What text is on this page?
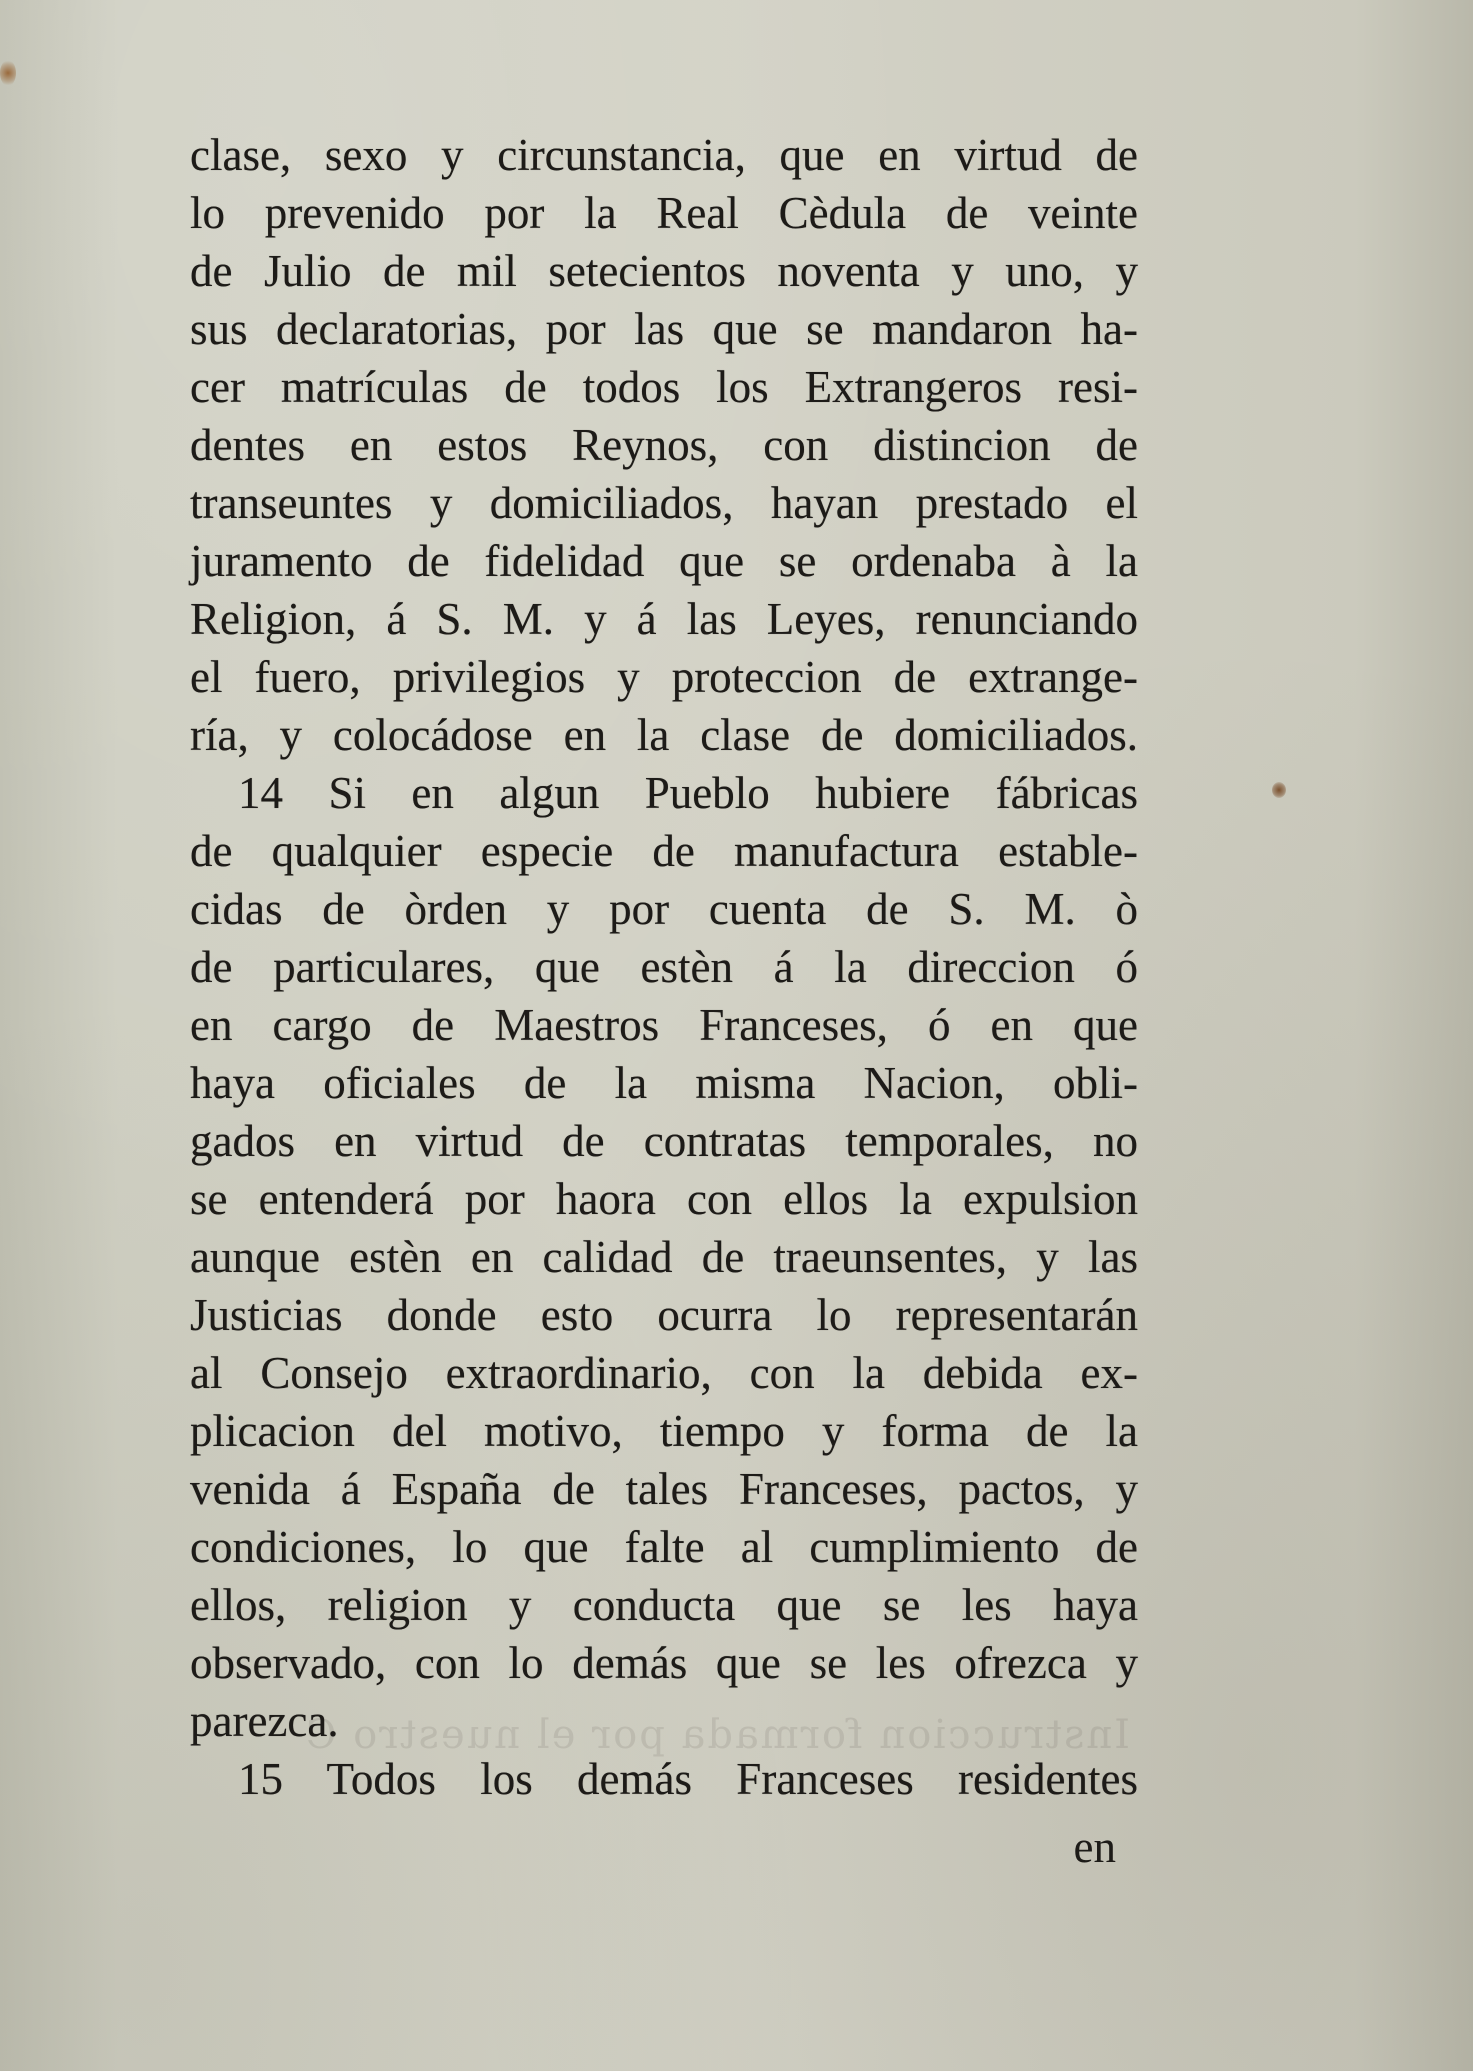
Instruccion formada por el nuestro C
clase, sexo y circunstancia, que en virtud de
lo prevenido por la Real Cèdula de veinte
de Julio de mil setecientos noventa y uno, y
sus declaratorias, por las que se mandaron ha-
cer matrículas de todos los Extrangeros resi-
dentes en estos Reynos, con distincion de
transeuntes y domiciliados, hayan prestado el
juramento de fidelidad que se ordenaba à la
Religion, á S. M. y á las Leyes, renunciando
el fuero, privilegios y proteccion de extrange-
ría, y colocádose en la clase de domiciliados.
14 Si en algun Pueblo hubiere fábricas
de qualquier especie de manufactura estable-
cidas de òrden y por cuenta de S. M. ò
de particulares, que estèn á la direccion ó
en cargo de Maestros Franceses, ó en que
haya oficiales de la misma Nacion, obli-
gados en virtud de contratas temporales, no
se entenderá por haora con ellos la expulsion
aunque estèn en calidad de traeunsentes, y las
Justicias donde esto ocurra lo representarán
al Consejo extraordinario, con la debida ex-
plicacion del motivo, tiempo y forma de la
venida á España de tales Franceses, pactos, y
condiciones, lo que falte al cumplimiento de
ellos, religion y conducta que se les haya
observado, con lo demás que se les ofrezca y
parezca.
15 Todos los demás Franceses residentes
en
